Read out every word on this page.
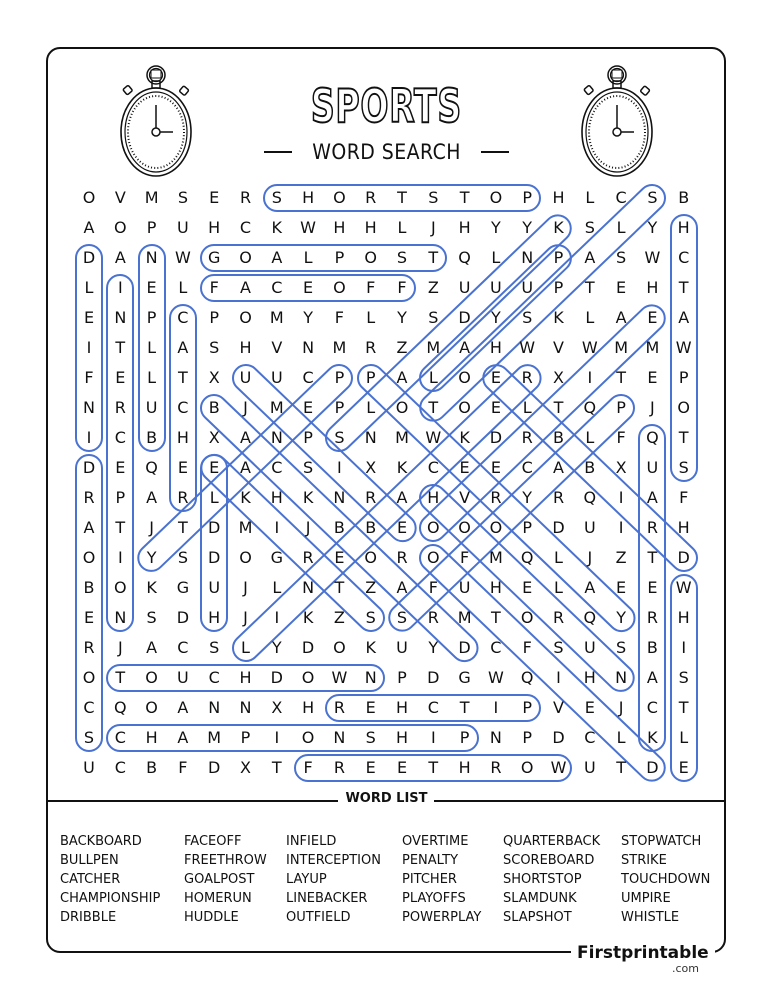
SPORTS
WORD SEARCH
O	V	M	S	E	R	S	H	O	R	T	S	T	O	P	H	L	C	S	B
A	O	P	U	H	C	K	W	H	H	L	J	H	Y	Y	K	S	L	Y	H
D	A	N	W	G	O	A	L	P	O	S	T	Q	L	N	P	A	S	W	C
L	I	E	L	F	A	C	E	O	F	F	Z	U	U	U	P	T	E	H	T
E	N	P	C	P	O	M	Y	F	L	Y	S	D	Y	S	K	L	A	E	A
I	T	L	A	S	H	V	N	M	R	Z	M	A	H	W	V	W	M	M	W
F	E	L	T	X	U	U	C	P	P	A	L	O	E	R	X	I	T	E	P
N	R	U	C	B	J	M	E	P	L	O	T	O	E	L	T	Q	P	J	O
I	C	B	H	X	A	N	P	S	N	M	W	K	D	R	B	L	F	Q	T
D	E	Q	E	E	A	C	S	I	X	K	C	E	E	C	A	B	X	U	S
R	P	A	R	L	K	H	K	N	R	A	H	V	R	Y	R	Q	I	A	F
A	T	J	T	D	M	I	J	B	B	E	O	O	O	P	D	U	I	R	H
O	I	Y	S	D	O	G	R	E	O	R	O	F	M	Q	L	J	Z	T	D
B	O	K	G	U	J	L	N	T	Z	A	F	U	H	E	L	A	E	E	W
E	N	S	D	H	J	I	K	Z	S	S	R	M	T	O	R	Q	Y	R	H
R	J	A	C	S	L	Y	D	O	K	U	Y	D	C	F	S	U	S	B	I
O	T	O	U	C	H	D	O	W	N	P	D	G	W	Q	I	H	N	A	S
C	Q	O	A	N	N	X	H	R	E	H	C	T	I	P	V	E	J	C	T
S	C	H	A	M	P	I	O	N	S	H	I	P	N	P	D	C	L	K	L
U	C	B	F	D	X	T	F	R	E	E	T	H	R	O	W	U	T	D	E
WORD LIST
BACKBOARD
BULLPEN
CATCHER
CHAMPIONSHIP
DRIBBLE
FACEOFF
FREETHROW
GOALPOST
HOMERUN
HUDDLE
INFIELD
INTERCEPTION
LAYUP
LINEBACKER
OUTFIELD
OVERTIME
PENALTY
PITCHER
PLAYOFFS
POWERPLAY
QUARTERBACK
SCOREBOARD
SHORTSTOP
SLAMDUNK
SLAPSHOT
STOPWATCH
STRIKE
TOUCHDOWN
UMPIRE
WHISTLE
Firstprintable
.com
